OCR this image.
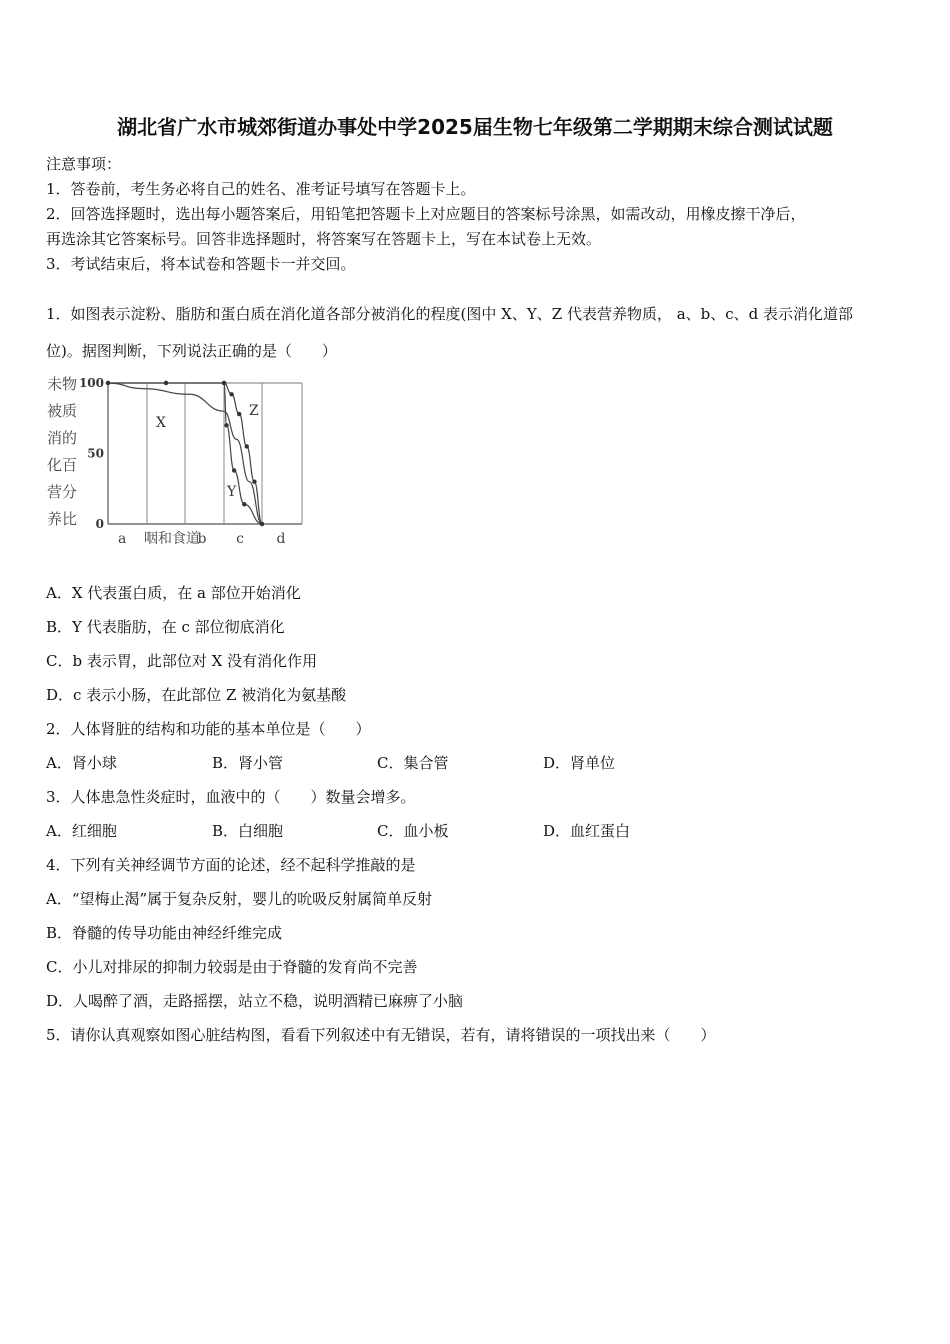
湖北省广水市城郊街道办事处中学2025届生物七年级第二学期期末综合测试试题
注意事项：
1．答卷前，考生务必将自己的姓名、准考证号填写在答题卡上。
2．回答选择题时，选出每小题答案后，用铅笔把答题卡上对应题目的答案标号涂黑，如需改动，用橡皮擦干净后，
再选涂其它答案标号。回答非选择题时，将答案写在答题卡上，写在本试卷上无效。
3．考试结束后，将本试卷和答题卡一并交回。
1．如图表示淀粉、脂肪和蛋白质在消化道各部分被消化的程度(图中 X、Y、Z 代表营养物质， a、b、c、d 表示消化道部
位)。据图判断，下列说法正确的是（　　）
未物
被质
消的
化百
营分
养比
100
50
0
X
Y
Z
a 咽和食道
b c d
A．X 代表蛋白质，在 a 部位开始消化
B．Y 代表脂肪，在 c 部位彻底消化
C．b 表示胃，此部位对 X 没有消化作用
D．c 表示小肠，在此部位 Z 被消化为氨基酸
2．人体肾脏的结构和功能的基本单位是（　　）
A．肾小球	B．肾小管	C．集合管	D．肾单位
3．人体患急性炎症时，血液中的（　　）数量会增多。
A．红细胞	B．白细胞	C．血小板	D．血红蛋白
4．下列有关神经调节方面的论述，经不起科学推敲的是
A．“望梅止渴”属于复杂反射，婴儿的吮吸反射属简单反射
B．脊髓的传导功能由神经纤维完成
C．小儿对排尿的抑制力较弱是由于脊髓的发育尚不完善
D．人喝醉了酒，走路摇摆，站立不稳，说明酒精已麻痹了小脑
5．请你认真观察如图心脏结构图，看看下列叙述中有无错误，若有，请将错误的一项找出来（　　）
